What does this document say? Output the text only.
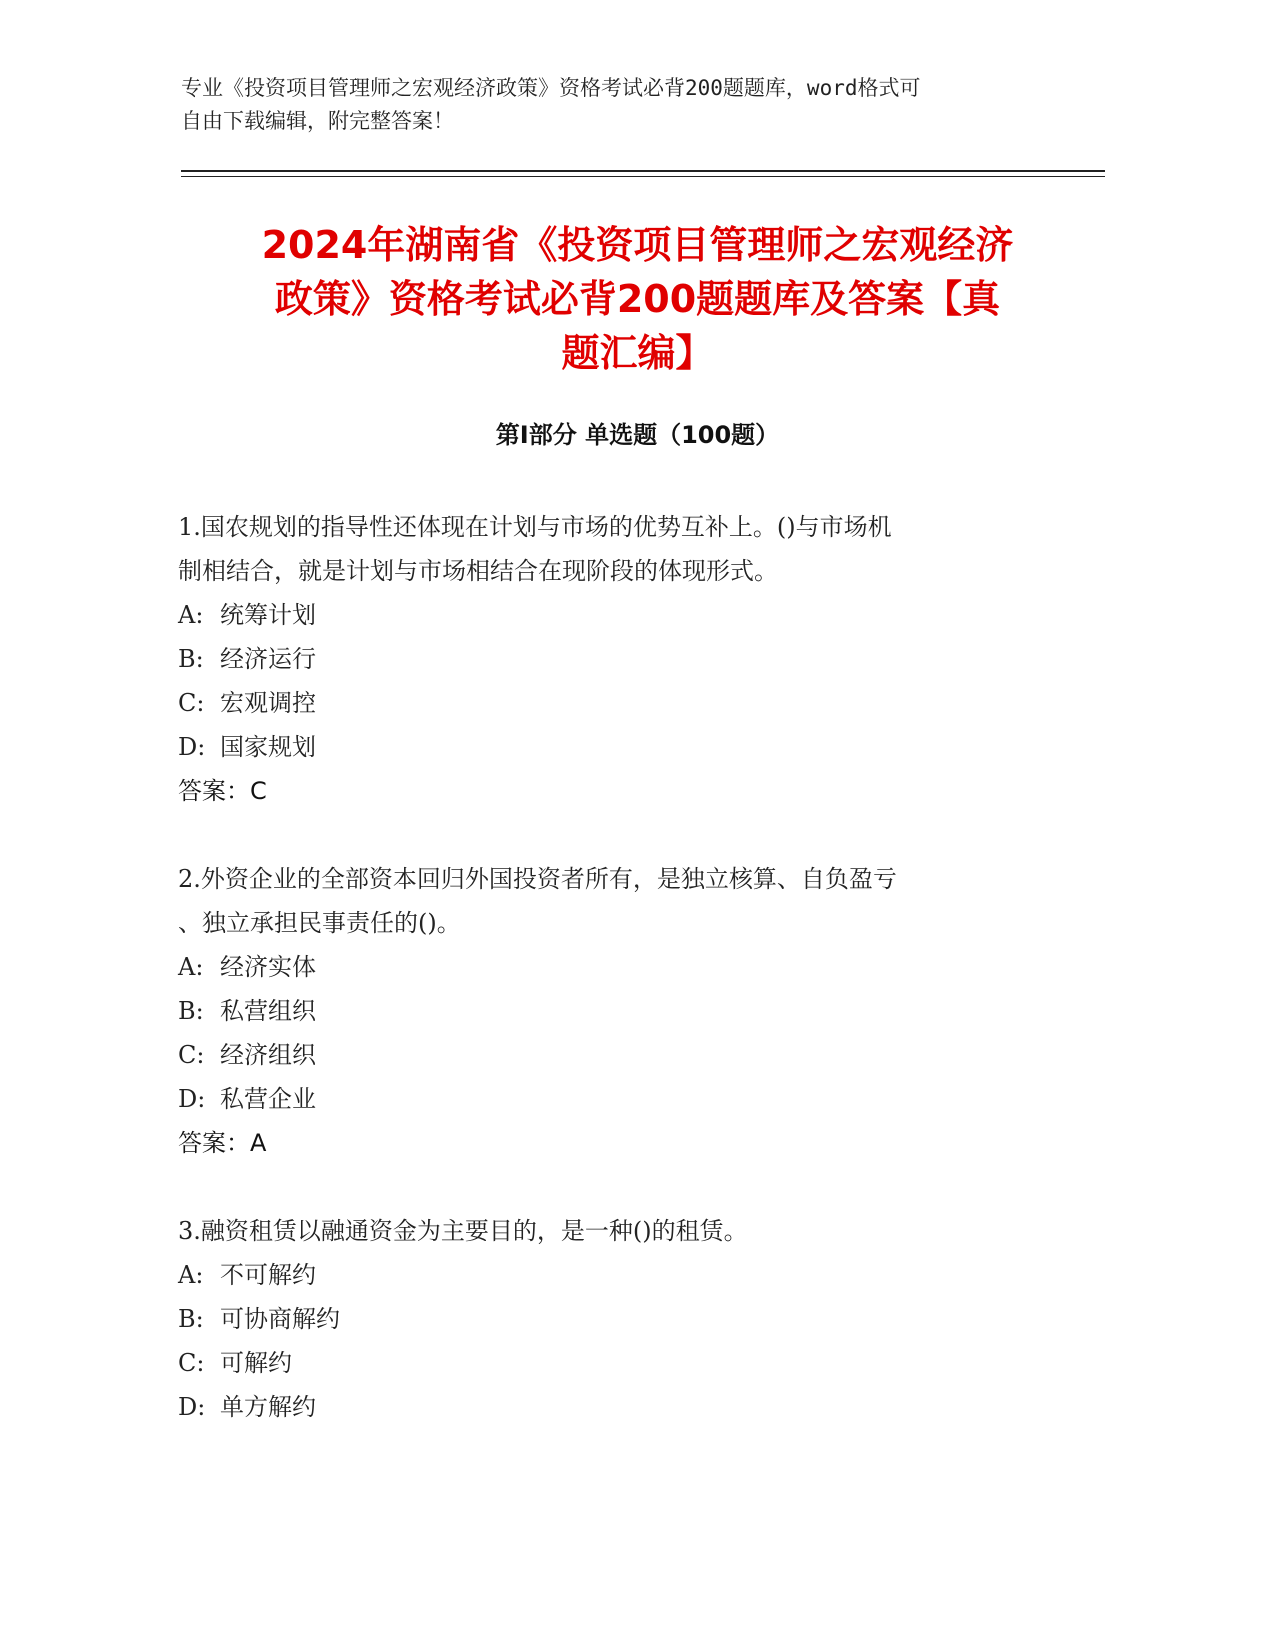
专业《投资项目管理师之宏观经济政策》资格考试必背200题题库，word格式可

自由下载编辑，附完整答案！

2024年湖南省《投资项目管理师之宏观经济
政策》资格考试必背200题题库及答案【真
题汇编】
第Ⅰ部分 单选题（100题）

1.国农规划的指导性还体现在计划与市场的优势互补上。()与市场机
制相结合，就是计划与市场相结合在现阶段的体现形式。

A: 统筹计划

B: 经济运行

C: 宏观调控

D: 国家规划

答案：C

2.外资企业的全部资本回归外国投资者所有，是独立核算、自负盈亏
、独立承担民事责任的()。

A: 经济实体

B: 私营组织

C: 经济组织

D: 私营企业

答案：A

3.融资租赁以融通资金为主要目的，是一种()的租赁。

A: 不可解约

B: 可协商解约

C: 可解约

D: 单方解约
